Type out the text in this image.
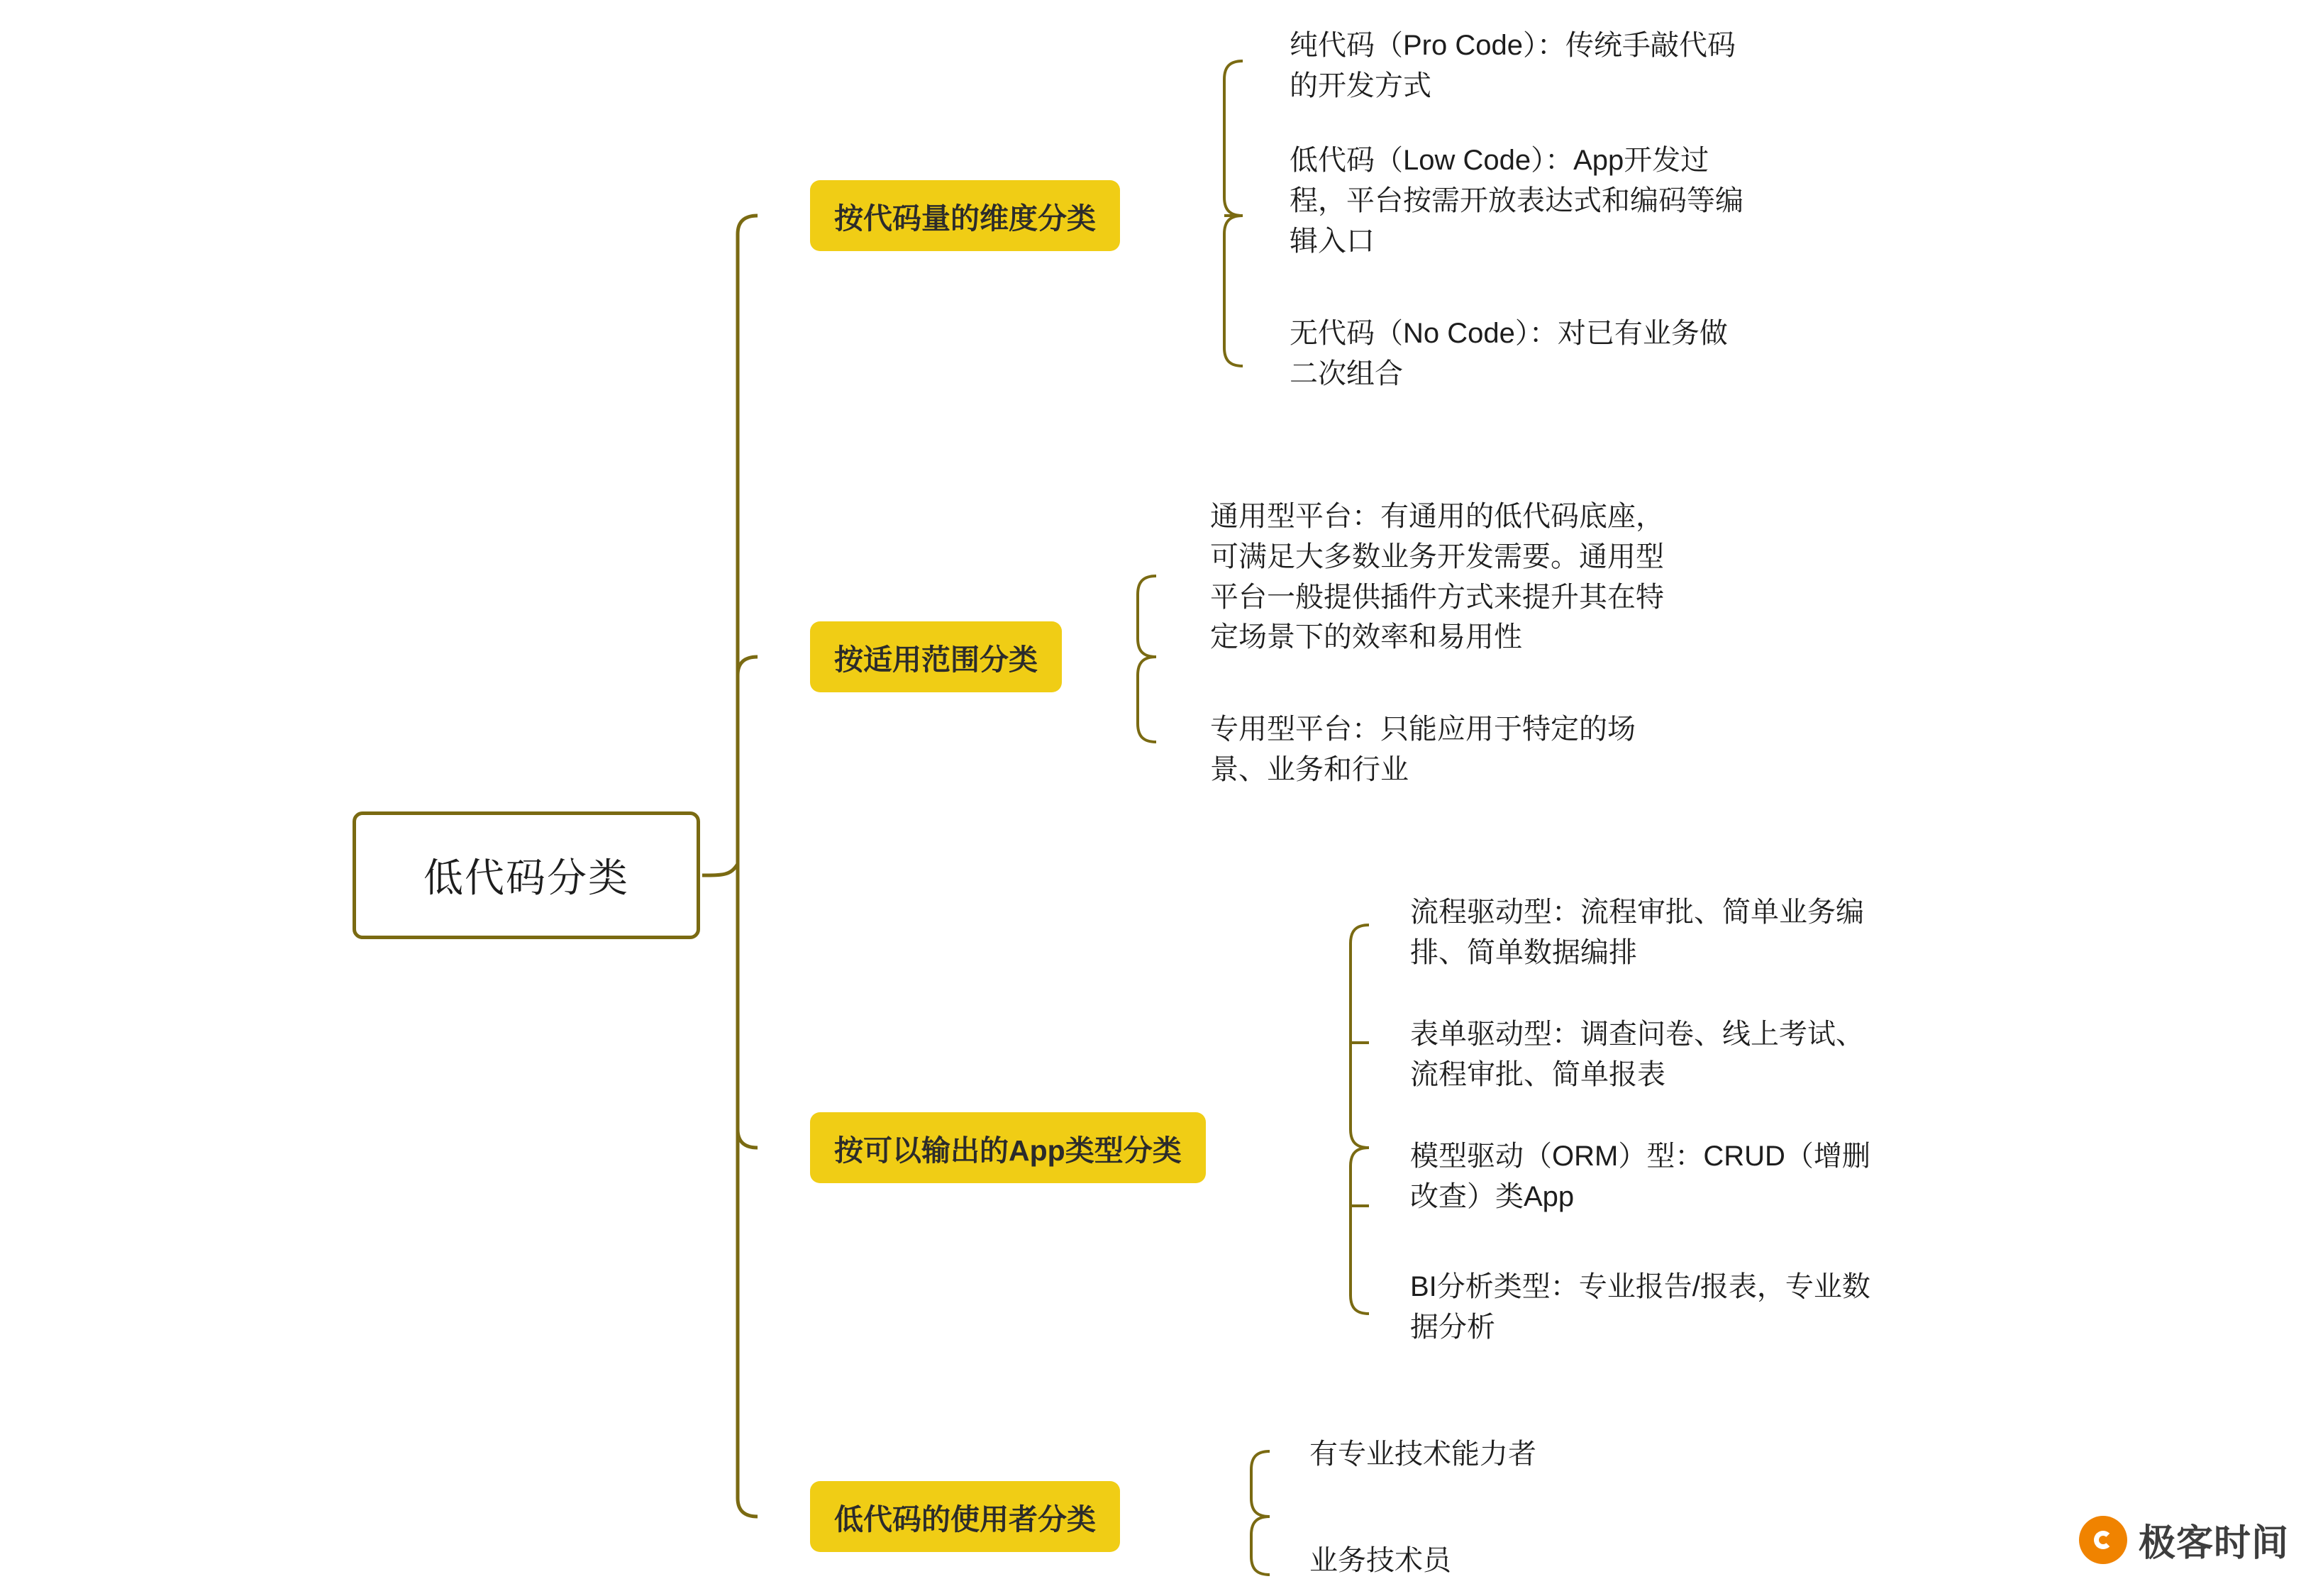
低代码分类
按代码量的维度分类
纯代码（Pro Code）：传统手敲代码
的开发方式
低代码（Low Code）：App开发过
程，平台按需开放表达式和编码等编
辑入口
无代码（No Code）：对已有业务做
二次组合
按适用范围分类
通用型平台：有通用的低代码底座，
可满足大多数业务开发需要。通用型
平台一般提供插件方式来提升其在特
定场景下的效率和易用性
专用型平台：只能应用于特定的场
景、业务和行业
按可以输出的App类型分类
流程驱动型：流程审批、简单业务编
排、简单数据编排
表单驱动型：调查问卷、线上考试、
流程审批、简单报表
模型驱动（ORM）型：CRUD（增删
改查）类App
BI分析类型：专业报告/报表，专业数
据分析
低代码的使用者分类
有专业技术能力者
业务技术员	极客时间
